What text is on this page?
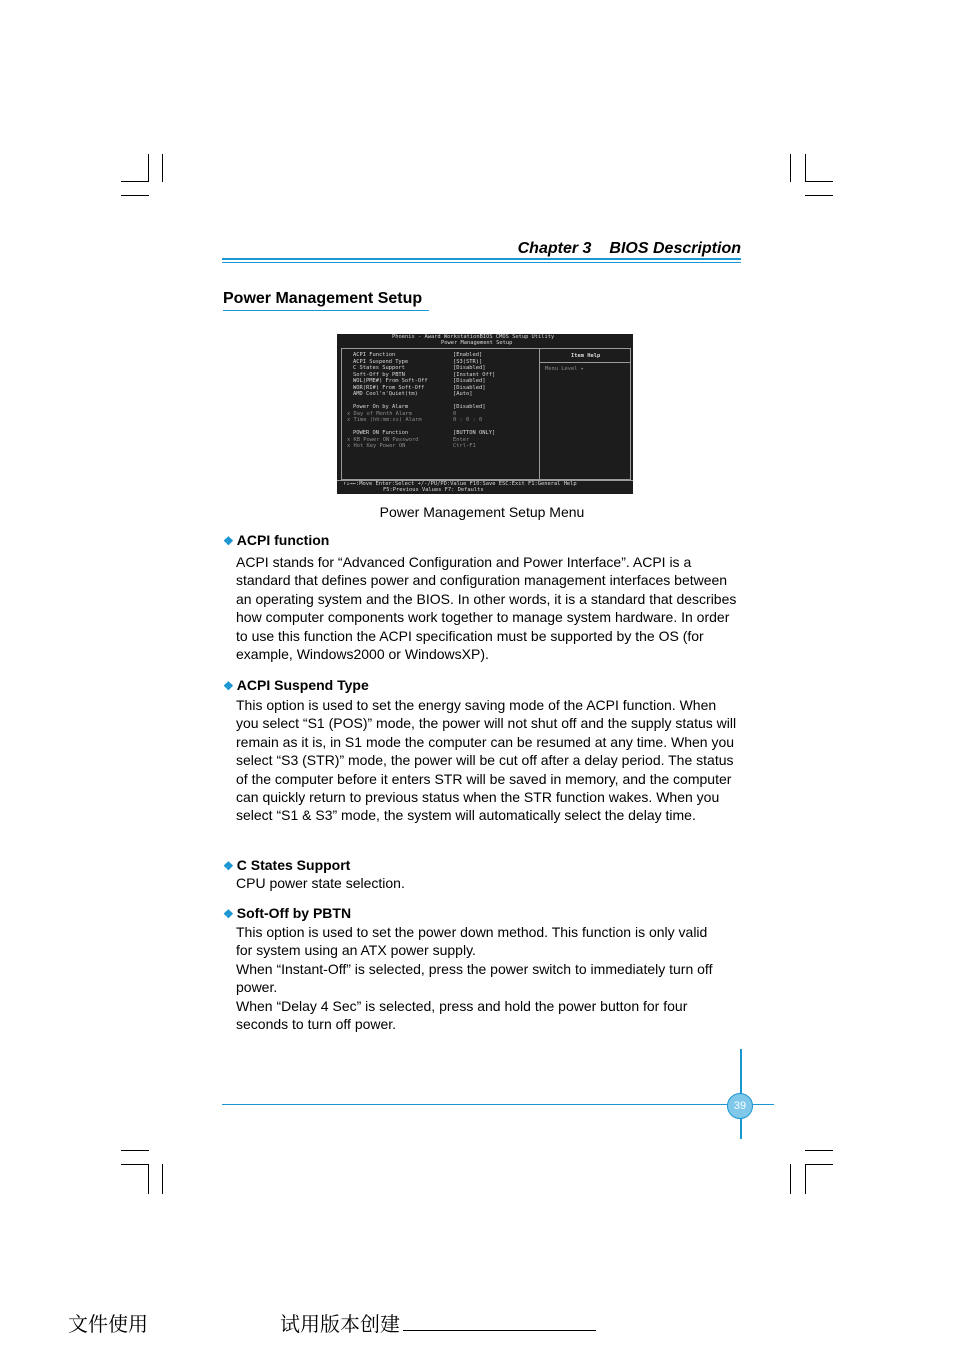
Chapter 3 BIOS Description
Power Management Setup
Phoenix - Award WorkstationBIOS CMOS Setup Utility
Power Management Setup
ACPI Function	[Enabled]
ACPI Suspend Type	[S3(STR)]
C States Support	[Disabled]
Soft-Off by PBTN	[Instant Off]
WOL(PME#) From Soft-Off	[Disabled]
WOR(RI#) From Soft-Off	[Disabled]
AMD Cool'n'Quiet(tm)	[Auto]
Power On by Alarm	[Disabled]
x Day of Month Alarm	0
x Time (hh:mm:ss) Alarm	0 : 0 : 0
POWER ON Function	[BUTTON ONLY]
x KB Power ON Password	Enter
x Hot Key Power ON	Ctrl-F1
Item Help
Menu Level ▸
↑↓→←:Move Enter:Select +/-/PU/PD:Value F10:Save ESC:Exit F1:General Help
F5:Previous Values F7: Defaults
Power Management Setup Menu
❖ ACPI function

ACPI stands for “Advanced Configuration and Power Interface”. ACPI is a standard that defines power and configuration management interfaces between an operating system and the BIOS. In other words, it is a standard that describes how computer components work together to manage system hardware. In order to use this function the ACPI specification must be supported by the OS (for example, Windows2000 or WindowsXP).

❖ ACPI Suspend Type

This option is used to set the energy saving mode of the ACPI function. When you select “S1 (POS)” mode, the power will not shut off and the supply status will remain as it is, in S1 mode the computer can be resumed at any time. When you select “S3 (STR)” mode, the power will be cut off after a delay period. The status of the computer before it enters STR will be saved in memory, and the computer can quickly return to previous status when the STR function wakes. When you select “S1 & S3” mode, the system will automatically select the delay time.

❖ C States Support

CPU power state selection.

❖ Soft-Off by PBTN

This option is used to set the power down method. This function is only valid for system using an ATX power supply.

When “Instant-Off” is selected, press the power switch to immediately turn off power.

When “Delay 4 Sec” is selected, press and hold the power button for four seconds to turn off power.

39
文件使用	试用版本创建
